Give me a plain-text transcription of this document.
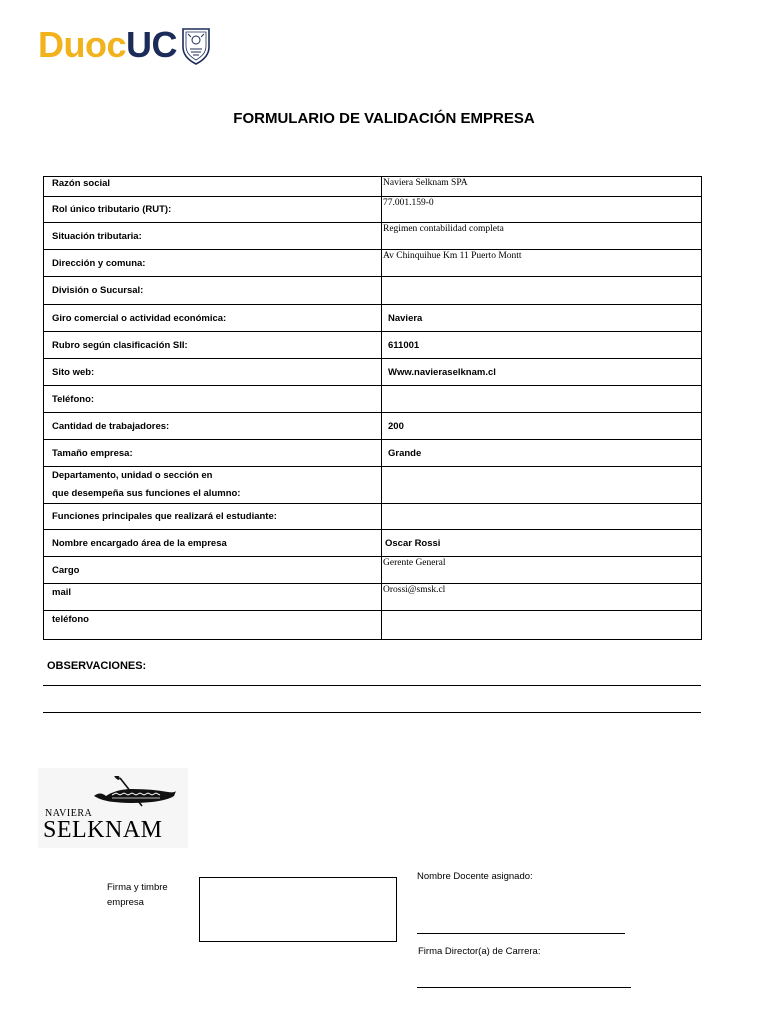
Duoc UC
FORMULARIO DE VALIDACIÓN EMPRESA
Razón social	Naviera Selknam SPA
Rol único tributario (RUT):	77.001.159-0
Situación tributaria:	Regimen contabilidad completa
Dirección y comuna:	Av Chinquihue Km 11 Puerto Montt
División o Sucursal:	
Giro comercial o actividad económica:	Naviera
Rubro según clasificación SII:	611001
Sito web:	Www.navieraselknam.cl
Teléfono:	
Cantidad de trabajadores:	200
Tamaño empresa:	Grande

Departamento, unidad o sección en
que desempeña sus funciones el alumno:	

Funciones principales que realizará el estudiante:	
Nombre encargado área de la empresa	Oscar Rossi
Cargo	Gerente General
mail	Orossi@smsk.cl
teléfono	
OBSERVACIONES:
NAVIERA
SELKNAM
Firma y timbre
empresa
Nombre Docente asignado:
Firma Director(a) de Carrera:
